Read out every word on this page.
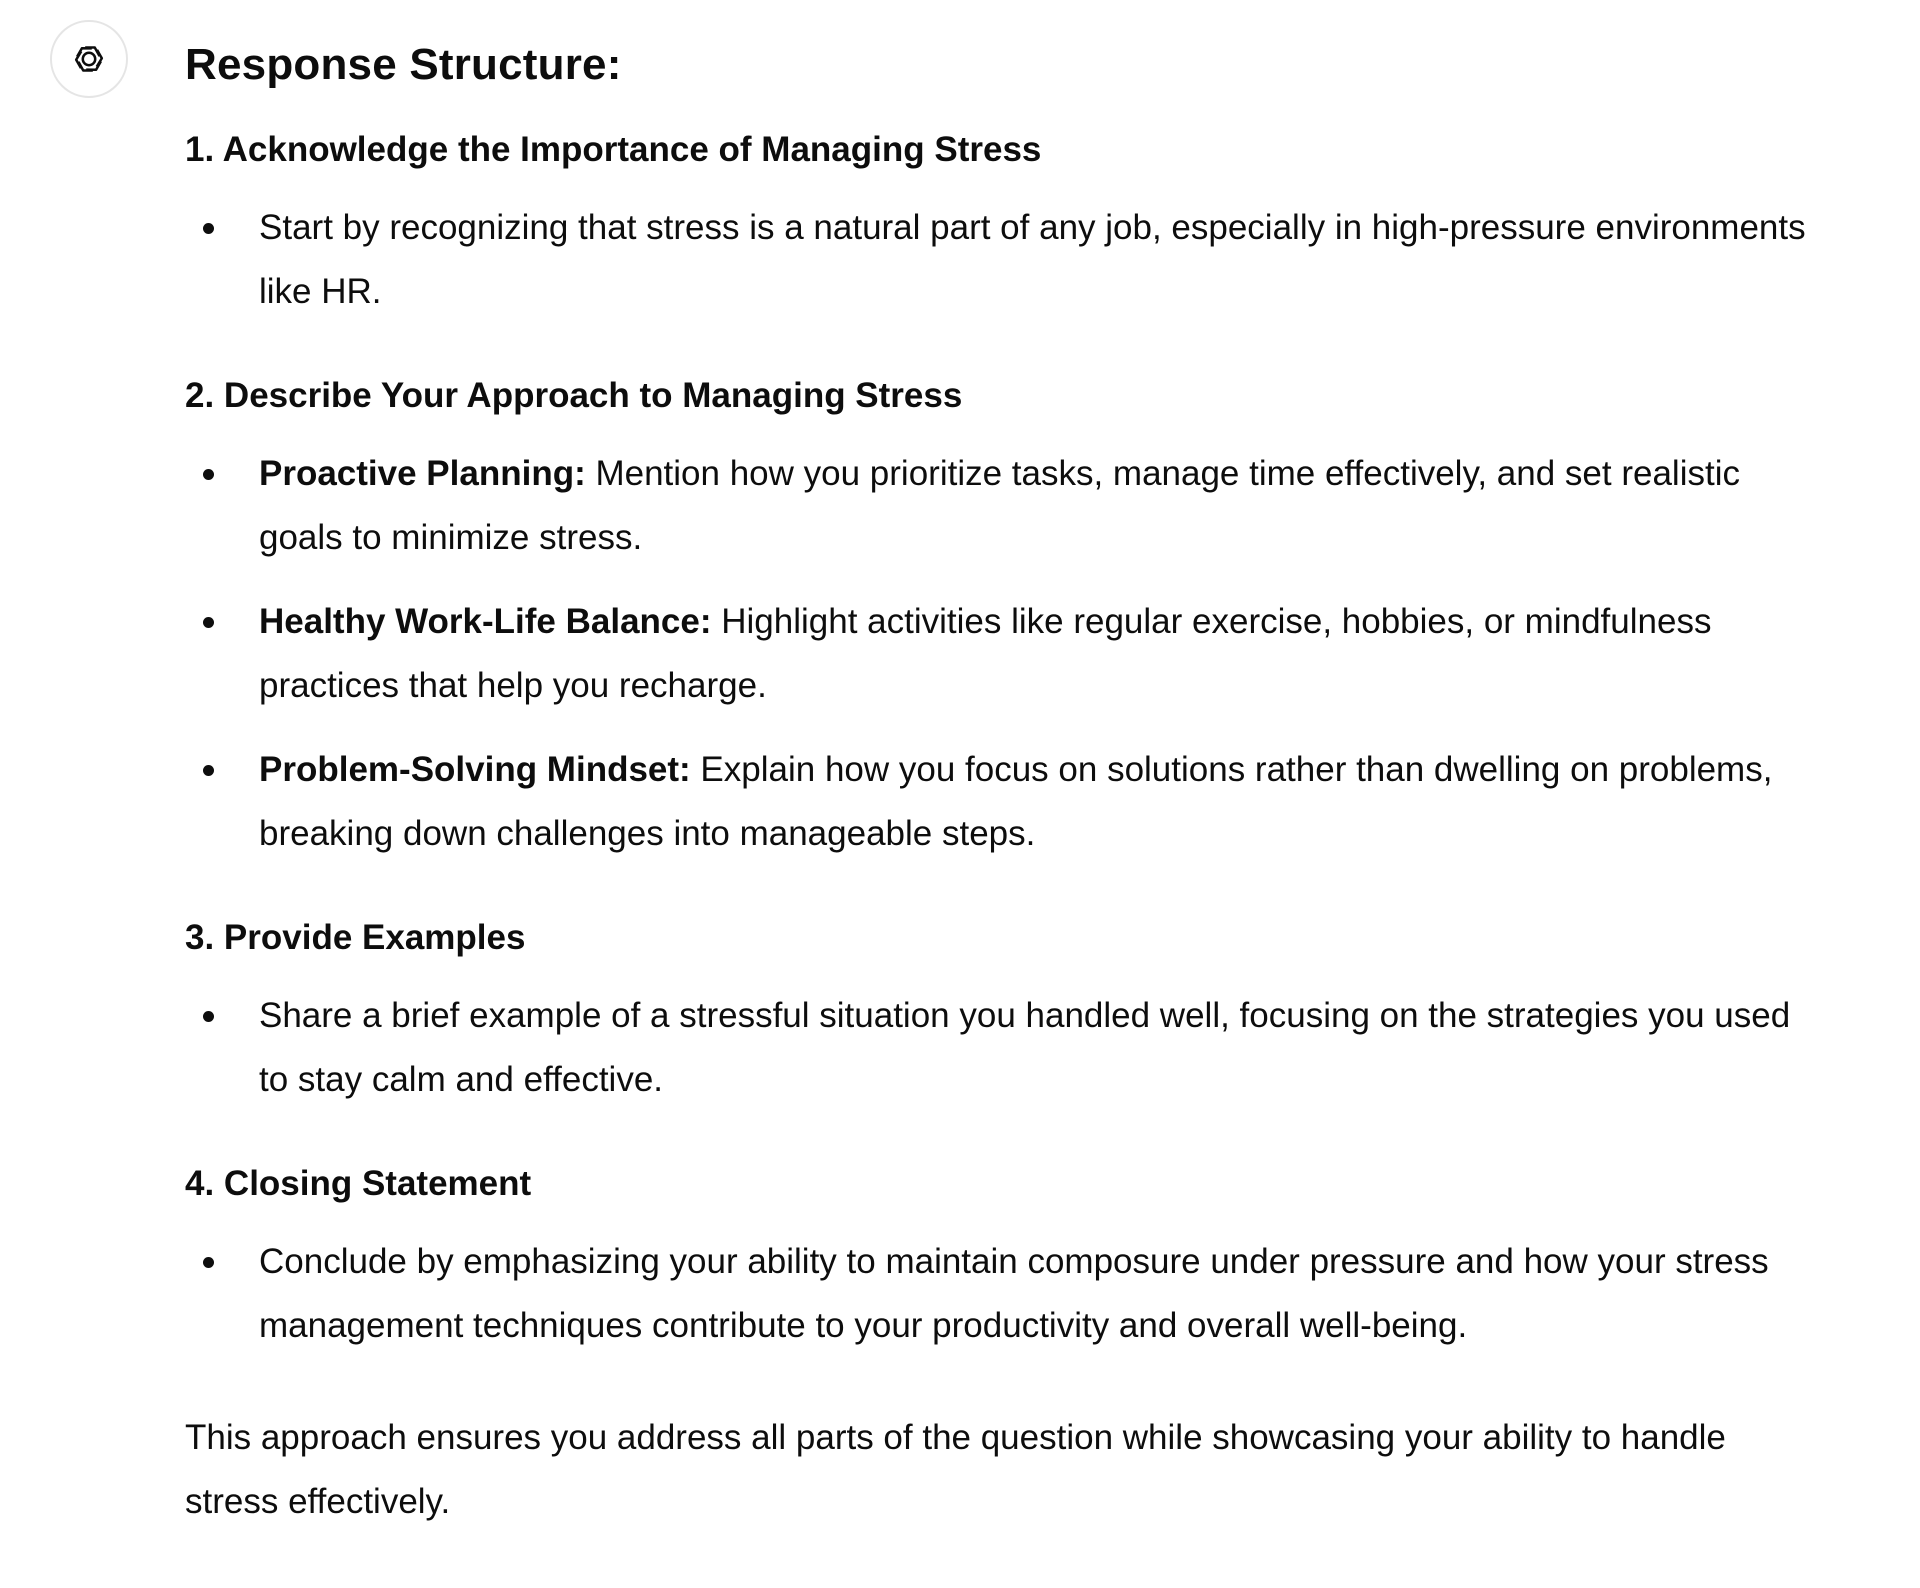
Response Structure:
1. Acknowledge the Importance of Managing Stress
Start by recognizing that stress is a natural part of any job, especially in high-pressure environments like HR.
2. Describe Your Approach to Managing Stress
Proactive Planning: Mention how you prioritize tasks, manage time effectively, and set realistic goals to minimize stress.
Healthy Work-Life Balance: Highlight activities like regular exercise, hobbies, or mindfulness practices that help you recharge.
Problem-Solving Mindset: Explain how you focus on solutions rather than dwelling on problems, breaking down challenges into manageable steps.
3. Provide Examples
Share a brief example of a stressful situation you handled well, focusing on the strategies you used to stay calm and effective.
4. Closing Statement
Conclude by emphasizing your ability to maintain composure under pressure and how your stress management techniques contribute to your productivity and overall well-being.

This approach ensures you address all parts of the question while showcasing your ability to handle stress effectively.
